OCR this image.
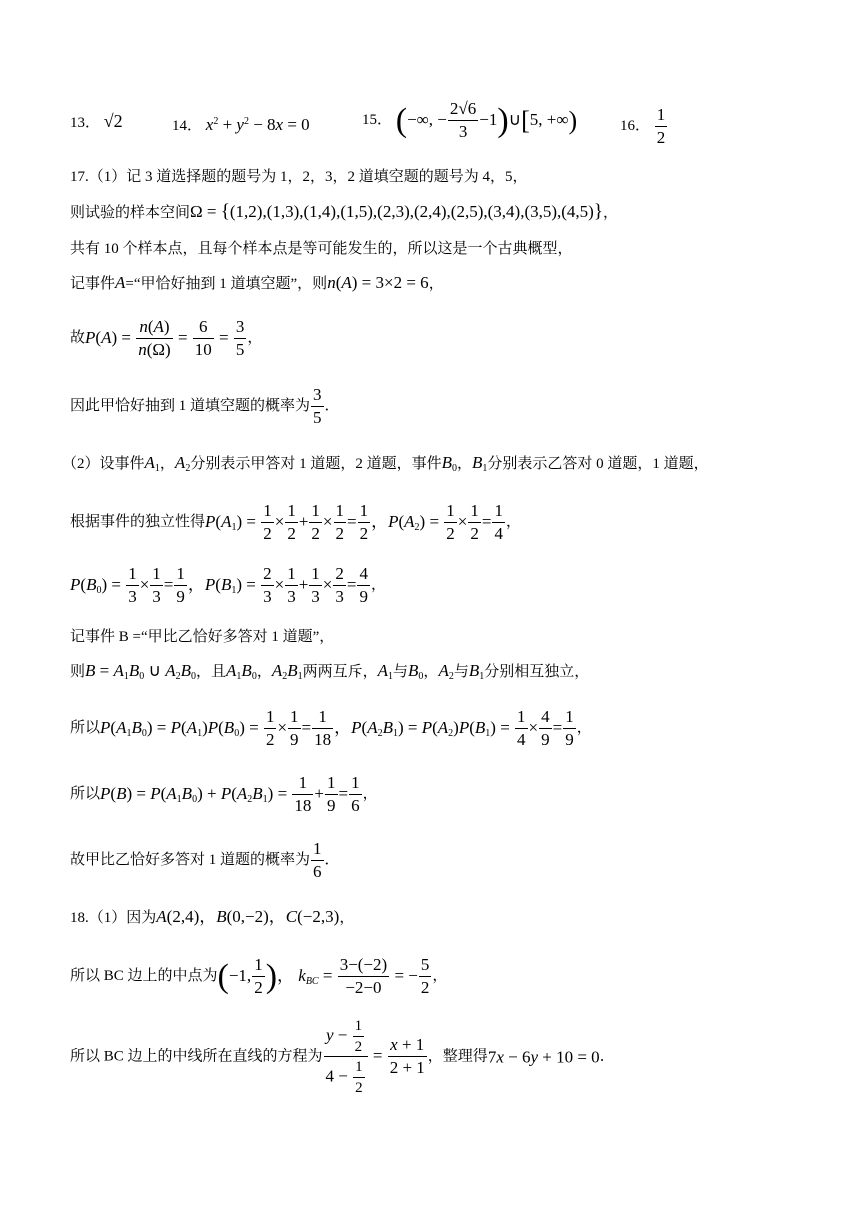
13． √2	14． $x^2 + y^2 - 8x = 0$	15． (−∞, − $\frac{2√6}{3}$ −1)∪[5, +∞)	16． $\frac{1}{2}$
17.（1）记 3 道选择题的题号为 1，2，3，2 道填空题的题号为 4，5，
则试验的样本空间Ω = {(1,2),(1,3),(1,4),(1,5),(2,3),(2,4),(2,5),(3,4),(3,5),(4,5)}，
共有 10 个样本点，且每个样本点是等可能发生的，所以这是一个古典概型，
记事件A=“甲恰好抽到 1 道填空题”，则n(A) = 3×2 = 6，
故$P(A) = \frac{n(A)}{n(\Omega)} = \frac{6}{10} = \frac{3}{5}$ ，
因此甲恰好抽到 1 道填空题的概率为 $\frac{3}{5}$ ．
（2）设事件$A_1$，$A_2$分别表示甲答对 1 道题，2 道题，事件$B_0$，$B_1$分别表示乙答对 0 道题，1 道题，
根据事件的独立性得$P(A_1) = \frac{1}{2} \times \frac{1}{2} + \frac{1}{2} \times \frac{1}{2} = \frac{1}{2}$ ，$P(A_2) = \frac{1}{2} \times \frac{1}{2} = \frac{1}{4}$ ，
$P(B_0) = \frac{1}{3} \times \frac{1}{3} = \frac{1}{9}$ ，$P(B_1) = \frac{2}{3} \times \frac{1}{3} + \frac{1}{3} \times \frac{2}{3} = \frac{4}{9}$ ，
记事件 B =“甲比乙恰好多答对 1 道题”，
则$B = A_1B_0$ ∪ $A_2B_0$，且$A_1B_0$，$A_2B_1$两两互斥，$A_1$与$B_0$，$A_2$与$B_1$分别相互独立，
所以$P(A_1B_0) = P(A_1)P(B_0) = \frac{1}{2} \times \frac{1}{9} = \frac{1}{18}$ ，$P(A_2B_1) = P(A_2)P(B_1) = \frac{1}{4} \times \frac{4}{9} = \frac{1}{9}$ ，
所以$P(B) = P(A_1B_0) + P(A_2B_1) = \frac{1}{18} + \frac{1}{9} = \frac{1}{6}$ ，
故甲比乙恰好多答对 1 道题的概率为 $\frac{1}{6}$ ．
18.（1）因为A(2,4)，B(0,−2)，C(−2,3)，
所以 BC 边上的中点为(−1, $\frac{1}{2}$ )， $k_{BC} = \frac{3-(-2)}{-2-0}$ = − $\frac{5}{2}$ ，
所以 BC 边上的中线所在直线的方程为 $\frac{y - \frac{1}{2}}{4 - \frac{1}{2}} = \frac{x + 1}{2 + 1}$ ，整理得7x − 6y + 10 = 0．
